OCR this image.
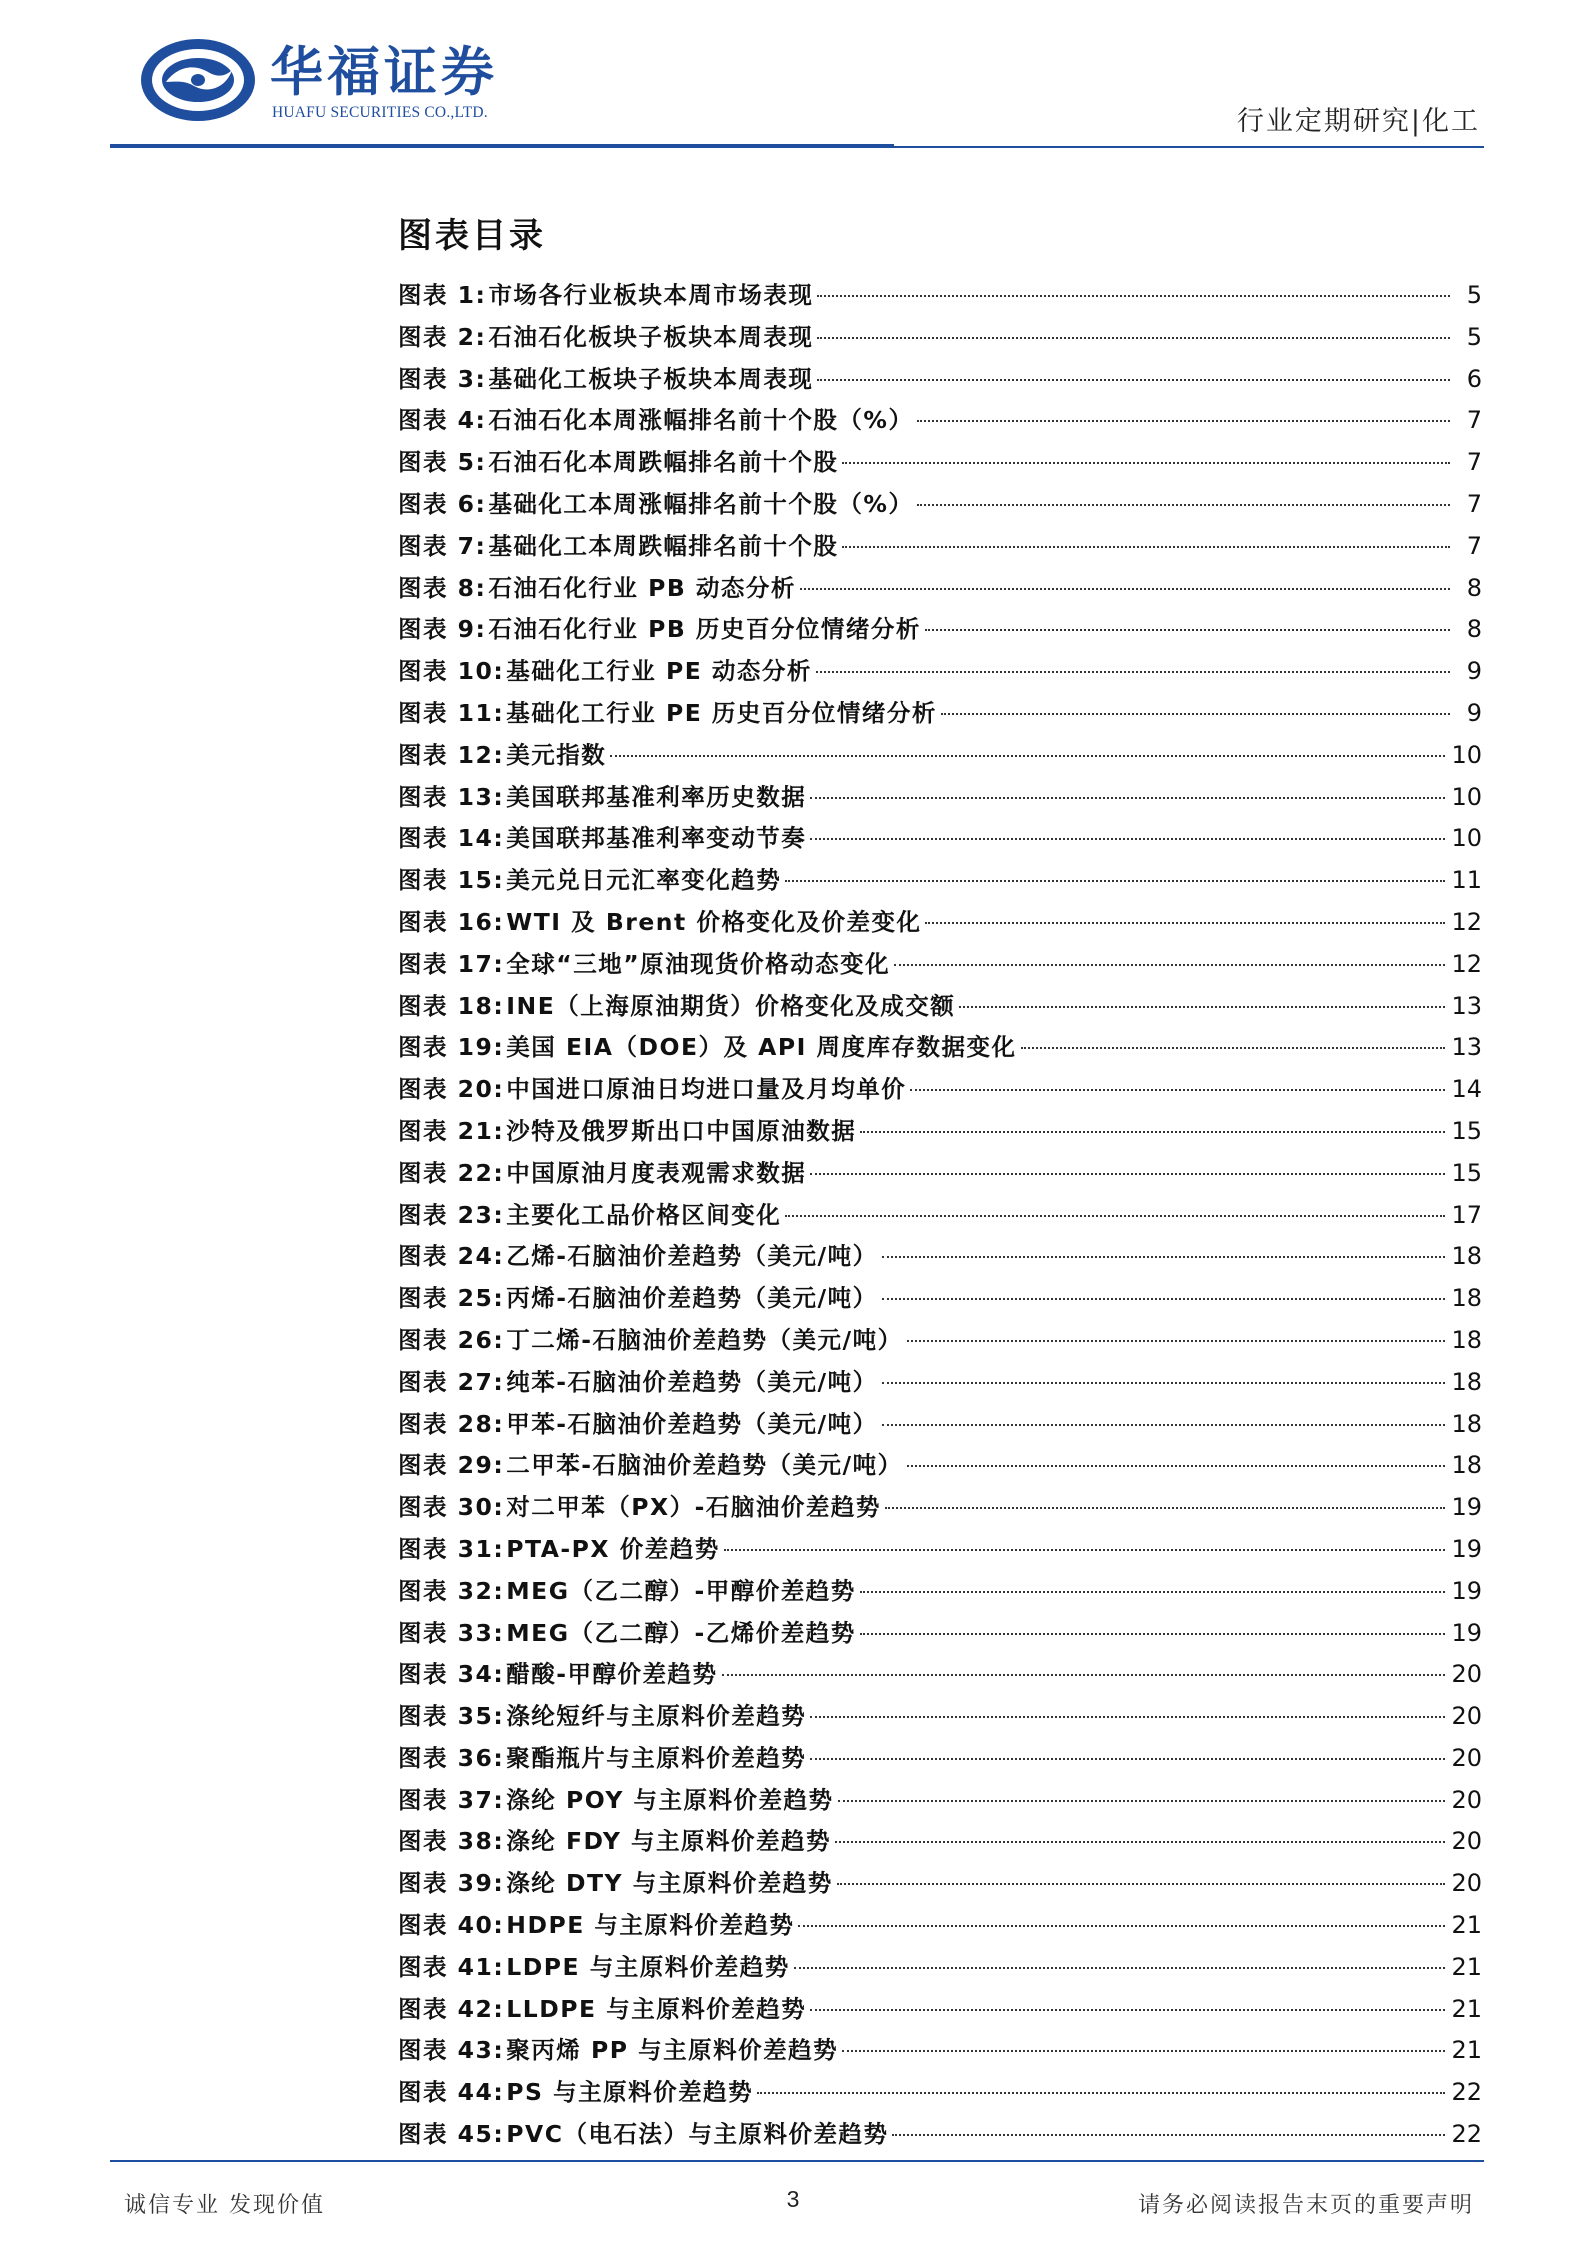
华福证券
HUAFU SECURITIES CO.,LTD.	行业定期研究|化工
图表目录
图表 1: 市场各行业板块本周市场表现	5
图表 2: 石油石化板块子板块本周表现	5
图表 3: 基础化工板块子板块本周表现	6
图表 4: 石油石化本周涨幅排名前十个股（%）	7
图表 5: 石油石化本周跌幅排名前十个股	7
图表 6: 基础化工本周涨幅排名前十个股（%）	7
图表 7: 基础化工本周跌幅排名前十个股	7
图表 8: 石油石化行业 PB 动态分析	8
图表 9: 石油石化行业 PB 历史百分位情绪分析	8
图表 10: 基础化工行业 PE 动态分析	9
图表 11: 基础化工行业 PE 历史百分位情绪分析	9
图表 12: 美元指数	10
图表 13: 美国联邦基准利率历史数据	10
图表 14: 美国联邦基准利率变动节奏	10
图表 15: 美元兑日元汇率变化趋势	11
图表 16: WTI 及 Brent 价格变化及价差变化	12
图表 17: 全球“三地”原油现货价格动态变化	12
图表 18: INE（上海原油期货）价格变化及成交额	13
图表 19: 美国 EIA（DOE）及 API 周度库存数据变化	13
图表 20: 中国进口原油日均进口量及月均单价	14
图表 21: 沙特及俄罗斯出口中国原油数据	15
图表 22: 中国原油月度表观需求数据	15
图表 23: 主要化工品价格区间变化	17
图表 24: 乙烯-石脑油价差趋势（美元/吨）	18
图表 25: 丙烯-石脑油价差趋势（美元/吨）	18
图表 26: 丁二烯-石脑油价差趋势（美元/吨）	18
图表 27: 纯苯-石脑油价差趋势（美元/吨）	18
图表 28: 甲苯-石脑油价差趋势（美元/吨）	18
图表 29: 二甲苯-石脑油价差趋势（美元/吨）	18
图表 30: 对二甲苯（PX）-石脑油价差趋势	19
图表 31: PTA-PX 价差趋势	19
图表 32: MEG（乙二醇）-甲醇价差趋势	19
图表 33: MEG（乙二醇）-乙烯价差趋势	19
图表 34: 醋酸-甲醇价差趋势	20
图表 35: 涤纶短纤与主原料价差趋势	20
图表 36: 聚酯瓶片与主原料价差趋势	20
图表 37: 涤纶 POY 与主原料价差趋势	20
图表 38: 涤纶 FDY 与主原料价差趋势	20
图表 39: 涤纶 DTY 与主原料价差趋势	20
图表 40: HDPE 与主原料价差趋势	21
图表 41: LDPE 与主原料价差趋势	21
图表 42: LLDPE 与主原料价差趋势	21
图表 43: 聚丙烯 PP 与主原料价差趋势	21
图表 44: PS 与主原料价差趋势	22
图表 45: PVC（电石法）与主原料价差趋势	22
诚信专业 发现价值	3	请务必阅读报告末页的重要声明
